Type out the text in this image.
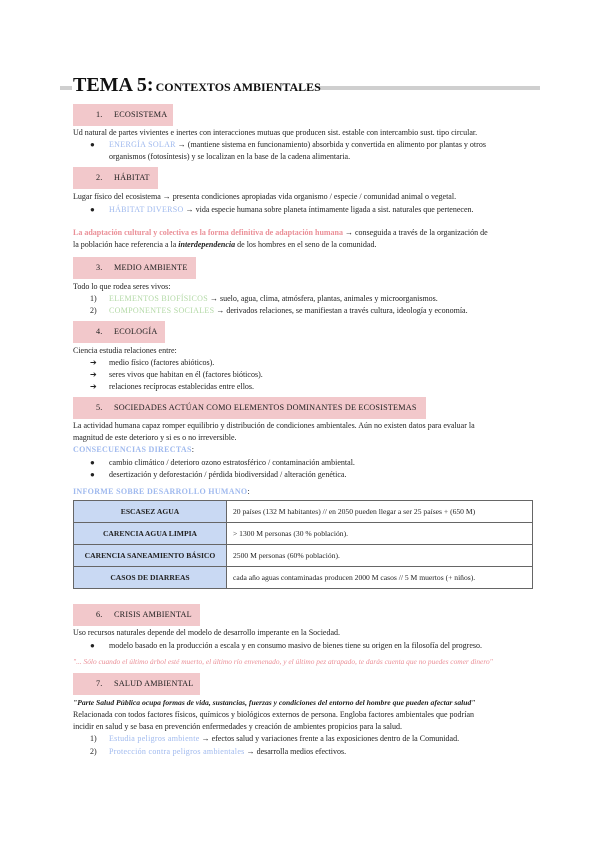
TEMA 5: CONTEXTOS AMBIENTALES
1. ECOSISTEMA
Ud natural de partes vivientes e inertes con interacciones mutuas que producen sist. estable con intercambio sust. tipo circular.
● ENERGÍA SOLAR → (mantiene sistema en funcionamiento) absorbida y convertida en alimento por plantas y otros
organismos (fotosíntesis) y se localizan en la base de la cadena alimentaria.
2. HÁBITAT
Lugar físico del ecosistema → presenta condiciones apropiadas vida organismo / especie / comunidad animal o vegetal.
● HÁBITAT DIVERSO → vida especie humana sobre planeta íntimamente ligada a sist. naturales que pertenecen.
La adaptación cultural y colectiva es la forma definitiva de adaptación humana → conseguida a través de la organización de
la población hace referencia a la interdependencia de los hombres en el seno de la comunidad.
3. MEDIO AMBIENTE
Todo lo que rodea seres vivos:
1) ELEMENTOS BIOFÍSICOS → suelo, agua, clima, atmósfera, plantas, animales y microorganismos.
2) COMPONENTES SOCIALES → derivados relaciones, se manifiestan a través cultura, ideología y economía.
4. ECOLOGÍA
Ciencia estudia relaciones entre:
➔ medio físico (factores abióticos).
➔ seres vivos que habitan en él (factores bióticos).
➔ relaciones recíprocas establecidas entre ellos.
5. SOCIEDADES ACTÚAN COMO ELEMENTOS DOMINANTES DE ECOSISTEMAS
La actividad humana capaz romper equilibrio y distribución de condiciones ambientales. Aún no existen datos para evaluar la
magnitud de este deterioro y si es o no irreversible.
CONSECUENCIAS DIRECTAS:
● cambio climático / deterioro ozono estratosférico / contaminación ambiental.
● desertización y deforestación / pérdida biodiversidad / alteración genética.
INFORME SOBRE DESARROLLO HUMANO:
ESCASEZ AGUA	20 países (132 M habitantes) // en 2050 pueden llegar a ser 25 países + (650 M)
CARENCIA AGUA LIMPIA	> 1300 M personas (30 % población).
CARENCIA SANEAMIENTO BÁSICO	2500 M personas (60% población).
CASOS DE DIARREAS	cada año aguas contaminadas producen 2000 M casos // 5 M muertos (+ niños).
6. CRISIS AMBIENTAL
Uso recursos naturales depende del modelo de desarrollo imperante en la Sociedad.
● modelo basado en la producción a escala y en consumo masivo de bienes tiene su origen en la filosofía del progreso.
"... Sólo cuando el último árbol esté muerto, el último río envenenado, y el último pez atrapado, te darás cuenta que no puedes comer dinero"
7. SALUD AMBIENTAL
"Parte Salud Pública ocupa formas de vida, sustancias, fuerzas y condiciones del entorno del hombre que pueden afectar salud"
Relacionada con todos factores físicos, químicos y biológicos externos de persona. Engloba factores ambientales que podrían
incidir en salud y se basa en prevención enfermedades y creación de ambientes propicios para la salud.
1) Estudia peligros ambiente → efectos salud y variaciones frente a las exposiciones dentro de la Comunidad.
2) Protección contra peligros ambientales → desarrolla medios efectivos.
